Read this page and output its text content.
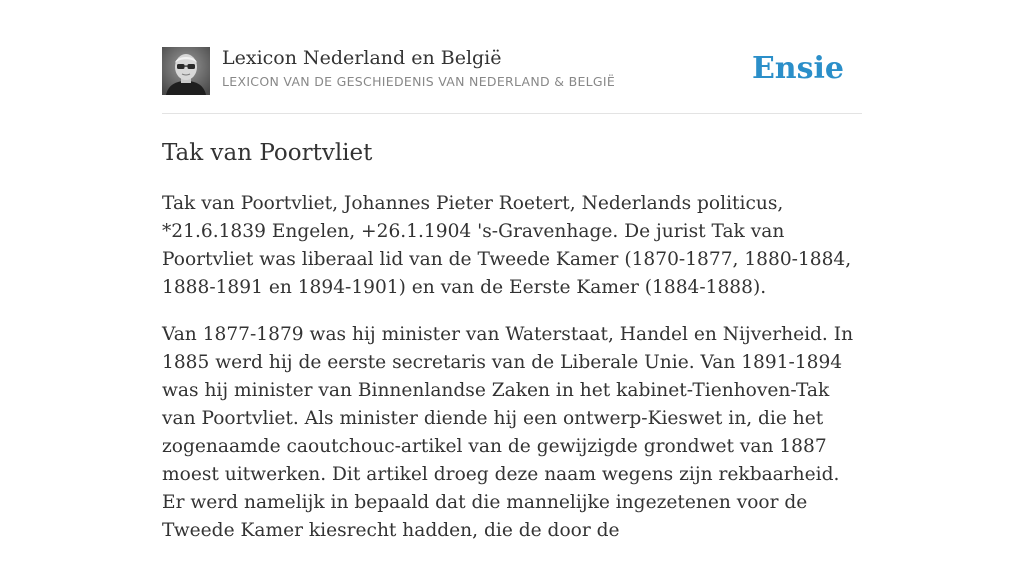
Lexicon Nederland en België
LEXICON VAN DE GESCHIEDENIS VAN NEDERLAND & BELGIË	Ensie
Tak van Poortvliet

Tak van Poortvliet, Johannes Pieter Roetert, Nederlands politicus, *21.6.1839 Engelen, +26.1.1904 's-Gravenhage. De jurist Tak van Poortvliet was liberaal lid van de Tweede Kamer (1870-1877, 1880-1884, 1888-1891 en 1894-1901) en van de Eerste Kamer (1884-1888).

Van 1877-1879 was hij minister van Waterstaat, Handel en Nijverheid. In 1885 werd hij de eerste secretaris van de Liberale Unie. Van 1891-1894 was hij minister van Binnenlandse Zaken in het kabinet-Tienhoven-Tak van Poortvliet. Als minister diende hij een ontwerp-Kieswet in, die het zogenaamde caoutchouc-artikel van de gewijzigde grondwet van 1887 moest uitwerken. Dit artikel droeg deze naam wegens zijn rekbaarheid. Er werd namelijk in bepaald dat die mannelijke ingezetenen voor de Tweede Kamer kiesrecht hadden, die de door de
